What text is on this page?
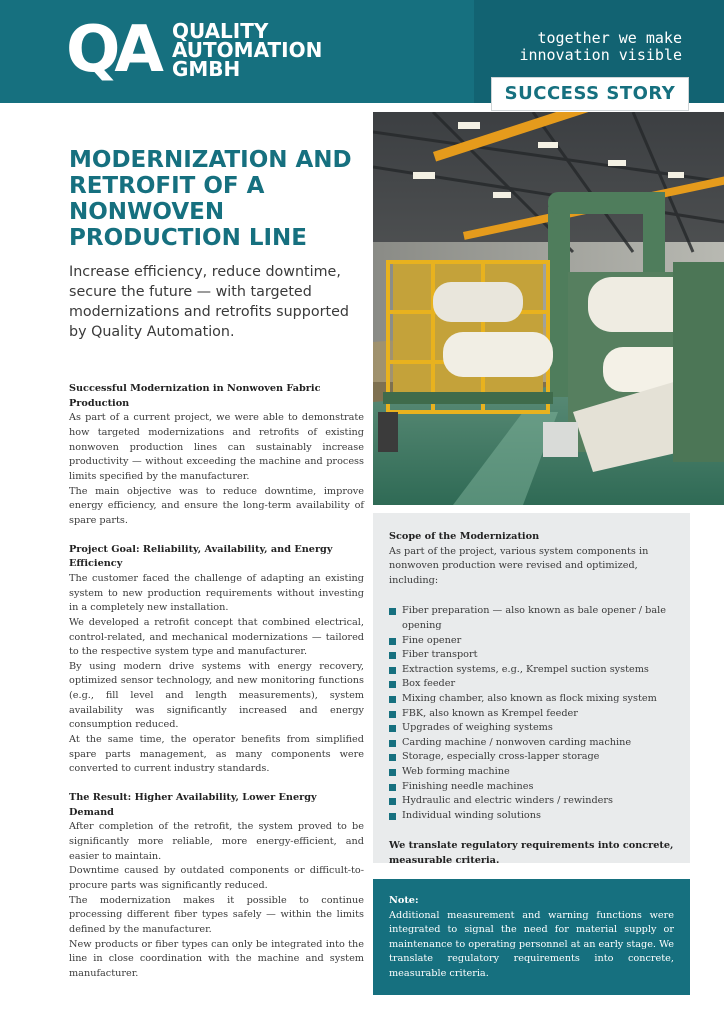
QA QUALITY
AUTOMATION
GMBH
together we make
innovation visible
SUCCESS STORY
MODERNIZATION AND RETROFIT OF A NONWOVEN PRODUCTION LINE

Increase efficiency, reduce downtime, secure the future — with targeted modernizations and retrofits supported by Quality Automation.

Successful Modernization in Nonwoven Fabric Production

As part of a current project, we were able to demonstrate how targeted modernizations and retrofits of existing nonwoven production lines can sustainably increase productivity — without exceeding the machine and process limits specified by the manufacturer.

The main objective was to reduce downtime, improve energy efficiency, and ensure the long-term availability of spare parts.

Project Goal: Reliability, Availability, and Energy Efficiency

The customer faced the challenge of adapting an existing system to new production requirements without investing in a completely new installation.

We developed a retrofit concept that combined electrical, control-related, and mechanical modernizations — tailored to the respective system type and manufacturer.

By using modern drive systems with energy recovery, optimized sensor technology, and new monitoring functions (e.g., fill level and length measurements), system availability was significantly increased and energy consumption reduced.

At the same time, the operator benefits from simplified spare parts management, as many components were converted to current industry standards.

The Result: Higher Availability, Lower Energy Demand

After completion of the retrofit, the system proved to be significantly more reliable, more energy-efficient, and easier to maintain.

Downtime caused by outdated components or difficult-to-procure parts was significantly reduced.

The modernization makes it possible to continue processing different fiber types safely — within the limits defined by the manufacturer.

New products or fiber types can only be integrated into the line in close coordination with the machine and system manufacturer.

Scope of the Modernization

As part of the project, various system components in nonwoven production were revised and optimized, including:

Fiber preparation — also known as bale opener / bale opening
Fine opener
Fiber transport
Extraction systems, e.g., Krempel suction systems
Box feeder
Mixing chamber, also known as flock mixing system
FBK, also known as Krempel feeder
Upgrades of weighing systems
Carding machine / nonwoven carding machine
Storage, especially cross-lapper storage
Web forming machine
Finishing needle machines
Hydraulic and electric winders / rewinders
Individual winding solutions

We translate regulatory requirements into concrete, measurable criteria.

Note:

Additional measurement and warning functions were integrated to signal the need for material supply or maintenance to operating personnel at an early stage. We translate regulatory requirements into concrete, measurable criteria.
